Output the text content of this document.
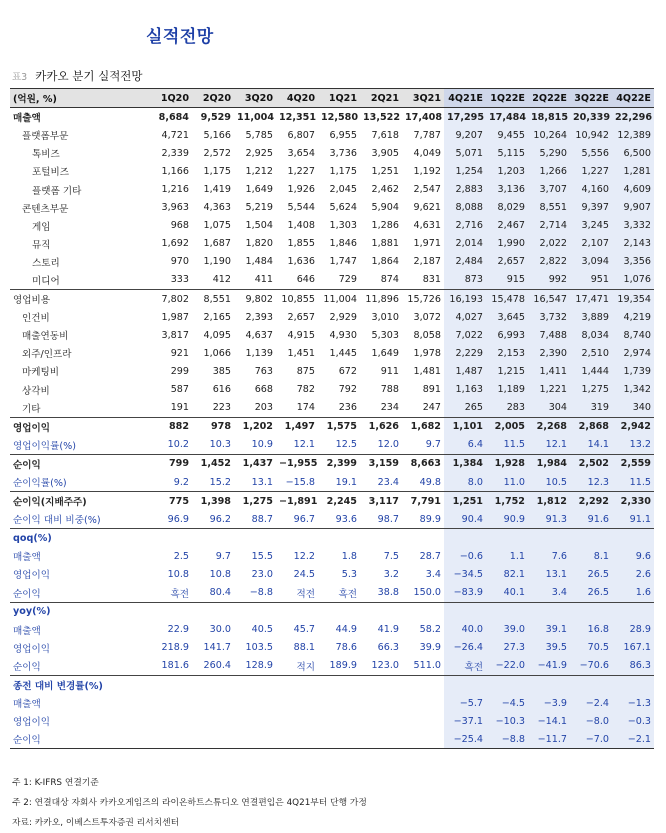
실적전망
표3 카카오 분기 실적전망
(억원, %)	1Q20	2Q20	3Q20	4Q20	1Q21	2Q21	3Q21	4Q21E	1Q22E	2Q22E	3Q22E	4Q22E
매출액	8,684	9,529	11,004	12,351	12,580	13,522	17,408	17,295	17,484	18,815	20,339	22,296
플랫폼부문	4,721	5,166	5,785	6,807	6,955	7,618	7,787	9,207	9,455	10,264	10,942	12,389
톡비즈	2,339	2,572	2,925	3,654	3,736	3,905	4,049	5,071	5,115	5,290	5,556	6,500
포털비즈	1,166	1,175	1,212	1,227	1,175	1,251	1,192	1,254	1,203	1,266	1,227	1,281
플랫폼 기타	1,216	1,419	1,649	1,926	2,045	2,462	2,547	2,883	3,136	3,707	4,160	4,609
콘텐츠부문	3,963	4,363	5,219	5,544	5,624	5,904	9,621	8,088	8,029	8,551	9,397	9,907
게임	968	1,075	1,504	1,408	1,303	1,286	4,631	2,716	2,467	2,714	3,245	3,332
뮤직	1,692	1,687	1,820	1,855	1,846	1,881	1,971	2,014	1,990	2,022	2,107	2,143
스토리	970	1,190	1,484	1,636	1,747	1,864	2,187	2,484	2,657	2,822	3,094	3,356
미디어	333	412	411	646	729	874	831	873	915	992	951	1,076
영업비용	7,802	8,551	9,802	10,855	11,004	11,896	15,726	16,193	15,478	16,547	17,471	19,354
인건비	1,987	2,165	2,393	2,657	2,929	3,010	3,072	4,027	3,645	3,732	3,889	4,219
매출연동비	3,817	4,095	4,637	4,915	4,930	5,303	8,058	7,022	6,993	7,488	8,034	8,740
외주/인프라	921	1,066	1,139	1,451	1,445	1,649	1,978	2,229	2,153	2,390	2,510	2,974
마케팅비	299	385	763	875	672	911	1,481	1,487	1,215	1,411	1,444	1,739
상각비	587	616	668	782	792	788	891	1,163	1,189	1,221	1,275	1,342
기타	191	223	203	174	236	234	247	265	283	304	319	340
영업이익	882	978	1,202	1,497	1,575	1,626	1,682	1,101	2,005	2,268	2,868	2,942
영업이익률(%)	10.2	10.3	10.9	12.1	12.5	12.0	9.7	6.4	11.5	12.1	14.1	13.2
순이익	799	1,452	1,437	−1,955	2,399	3,159	8,663	1,384	1,928	1,984	2,502	2,559
순이익률(%)	9.2	15.2	13.1	−15.8	19.1	23.4	49.8	8.0	11.0	10.5	12.3	11.5
순이익(지배주주)	775	1,398	1,275	−1,891	2,245	3,117	7,791	1,251	1,752	1,812	2,292	2,330
순이익 대비 비중(%)	96.9	96.2	88.7	96.7	93.6	98.7	89.9	90.4	90.9	91.3	91.6	91.1
qoq(%)												
매출액	2.5	9.7	15.5	12.2	1.8	7.5	28.7	−0.6	1.1	7.6	8.1	9.6
영업이익	10.8	10.8	23.0	24.5	5.3	3.2	3.4	−34.5	82.1	13.1	26.5	2.6
순이익	흑전	80.4	−8.8	적전	흑전	38.8	150.0	−83.9	40.1	3.4	26.5	1.6
yoy(%)												
매출액	22.9	30.0	40.5	45.7	44.9	41.9	58.2	40.0	39.0	39.1	16.8	28.9
영업이익	218.9	141.7	103.5	88.1	78.6	66.3	39.9	−26.4	27.3	39.5	70.5	167.1
순이익	181.6	260.4	128.9	적지	189.9	123.0	511.0	흑전	−22.0	−41.9	−70.6	86.3
종전 대비 변경률(%)												
매출액								−5.7	−4.5	−3.9	−2.4	−1.3
영업이익								−37.1	−10.3	−14.1	−8.0	−0.3
순이익								−25.4	−8.8	−11.7	−7.0	−2.1
주 1: K-IFRS 연결기준
주 2: 연결대상 자회사 카카오게임즈의 라이온하트스튜디오 연결편입은 4Q21부터 단행 가정
자료: 카카오, 이베스트투자증권 리서치센터
